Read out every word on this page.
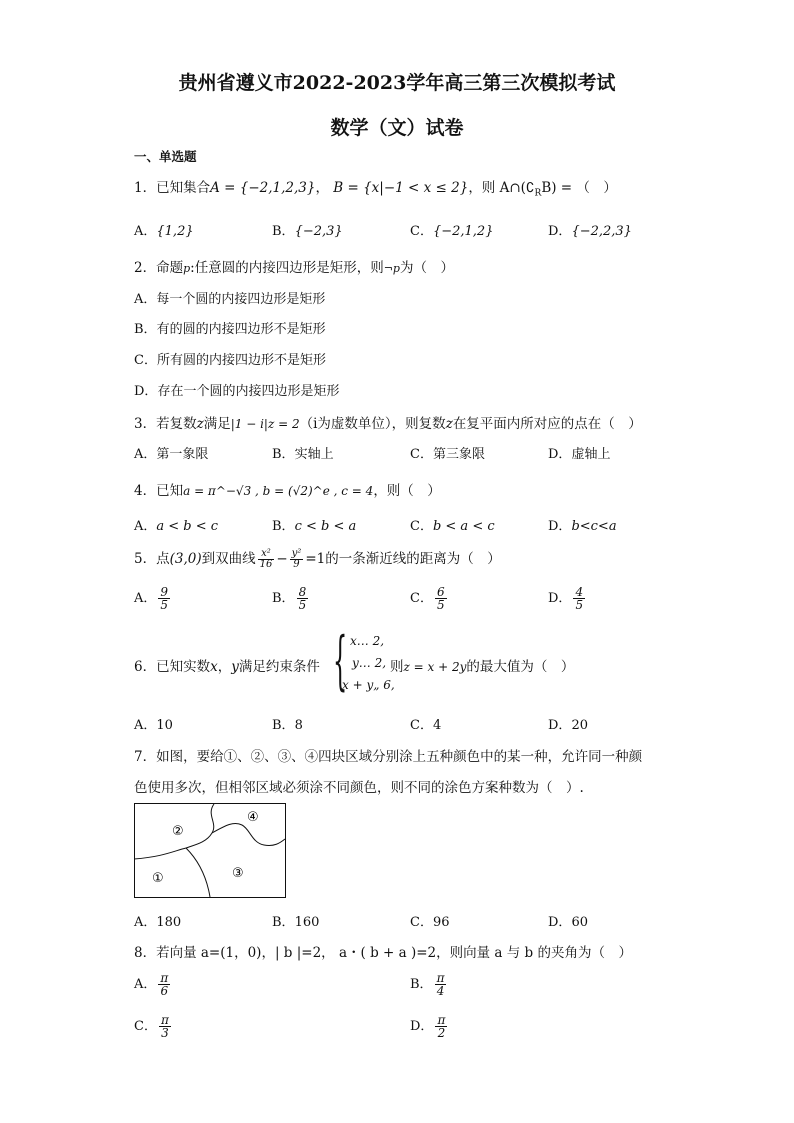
贵州省遵义市2022-2023学年高三第三次模拟考试
数学（文）试卷
一、单选题
1．已知集合A = {−2,1,2,3}， B = {x|−1 < x ≤ 2}，则 $A\cap(∁_RB)$ = （　）
A．{1,2}	B．{−2,3}	C．{−2,1,2}	D．{−2,2,3}
2．命题p:任意圆的内接四边形是矩形，则¬p为（　）
A．每一个圆的内接四边形是矩形
B．有的圆的内接四边形不是矩形
C．所有圆的内接四边形不是矩形
D．存在一个圆的内接四边形是矩形
3．若复数z满足|1 − i|z = 2（i为虚数单位），则复数z在复平面内所对应的点在（　）
A．第一象限	B．实轴上	C．第三象限	D．虚轴上
4．已知a = π^−√3 , b = (√2)^e , c = 4，则（　）
A．a < b < c	B．c < b < a	C．b < a < c	D．b<c<a
5．点(3,0)到双曲线 $\frac{\text{x²}}{16} - \frac{\text{y²}}{9} =1$的一条渐近线的距离为（　）
A． $\frac{9}{5}$	B． $\frac{8}{5}$	C． $\frac{6}{5}$	D． $\frac{4}{5}$
6．已知实数x，y满足约束条件 { x… 2,
y… 2,
x + y„ 6,
则z = x + 2y的最大值为（　）
A．10	B．8	C．4	D．20
7．如图，要给①、②、③、④四块区域分别涂上五种颜色中的某一种，允许同一种颜
色使用多次，但相邻区域必须涂不同颜色，则不同的涂色方案种数为（　）.
②
④
③
①
A．180	B．160	C．96	D．60
8．若向量 a=(1，0)，| b |=2， a・( b + a )=2，则向量 a 与 b 的夹角为（　）
A． $\frac{\pi}{6}$	B． $\frac{\pi}{4}$
C． $\frac{\pi}{3}$	D． $\frac{\pi}{2}$
